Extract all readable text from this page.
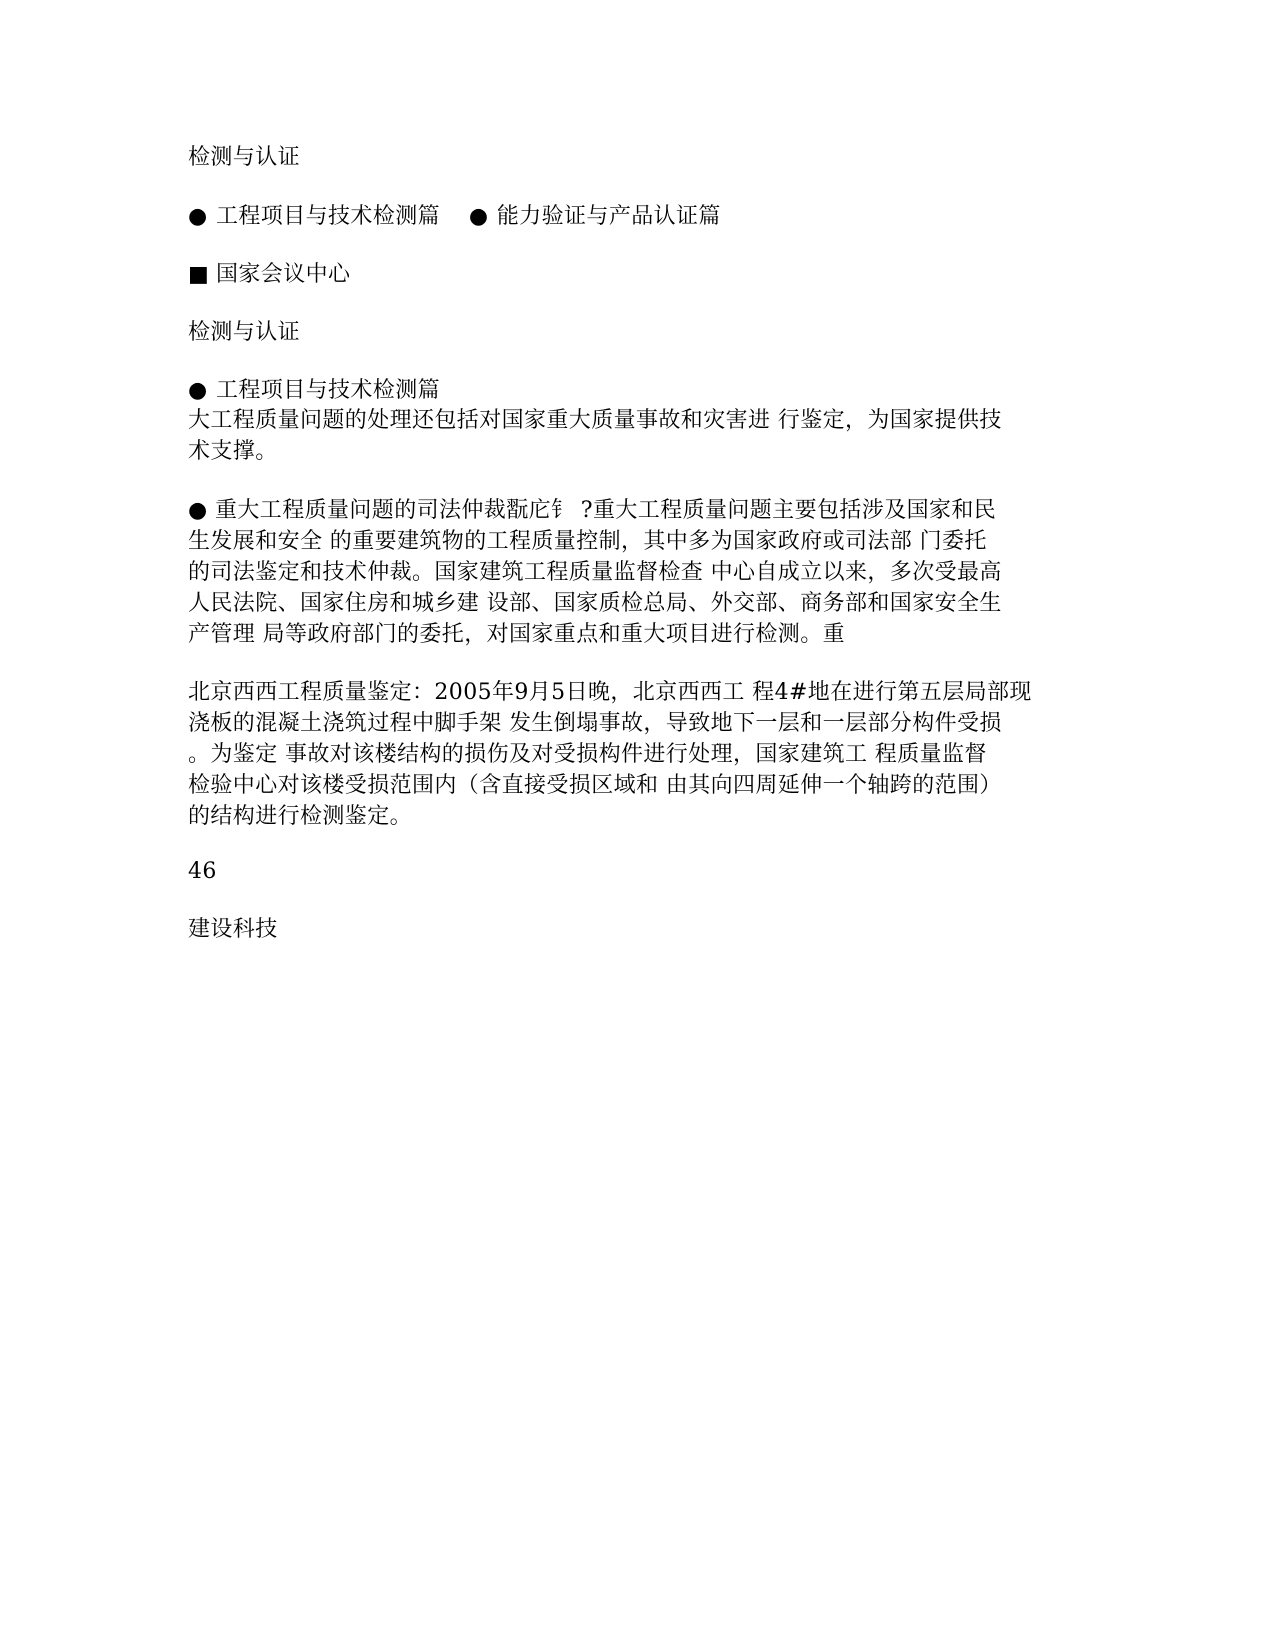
检测与认证
● 工程项目与技术检测篇 ● 能力验证与产品认证篇
■ 国家会议中心
检测与认证
● 工程项目与技术检测篇

大工程质量问题的处理还包括对国家重大质量事故和灾害进 行鉴定，为国家提供技

术支撑。

● 重大工程质量问题的司法仲裁翫庀钅 ?重大工程质量问题主要包括涉及国家和民

生发展和安全 的重要建筑物的工程质量控制，其中多为国家政府或司法部 门委托

的司法鉴定和技术仲裁。国家建筑工程质量监督检查 中心自成立以来，多次受最高

人民法院、国家住房和城乡建 设部、国家质检总局、外交部、商务部和国家安全生

产管理 局等政府部门的委托，对国家重点和重大项目进行检测。重

北京西西工程质量鉴定：2005年9月5日晚，北京西西工 程4#地在进行第五层局部现

浇板的混凝土浇筑过程中脚手架 发生倒塌事故，导致地下一层和一层部分构件受损

。为鉴定 事故对该楼结构的损伤及对受损构件进行处理，国家建筑工 程质量监督

检验中心对该楼受损范围内（含直接受损区域和 由其向四周延伸一个轴跨的范围）

的结构进行检测鉴定。

46
建设科技
